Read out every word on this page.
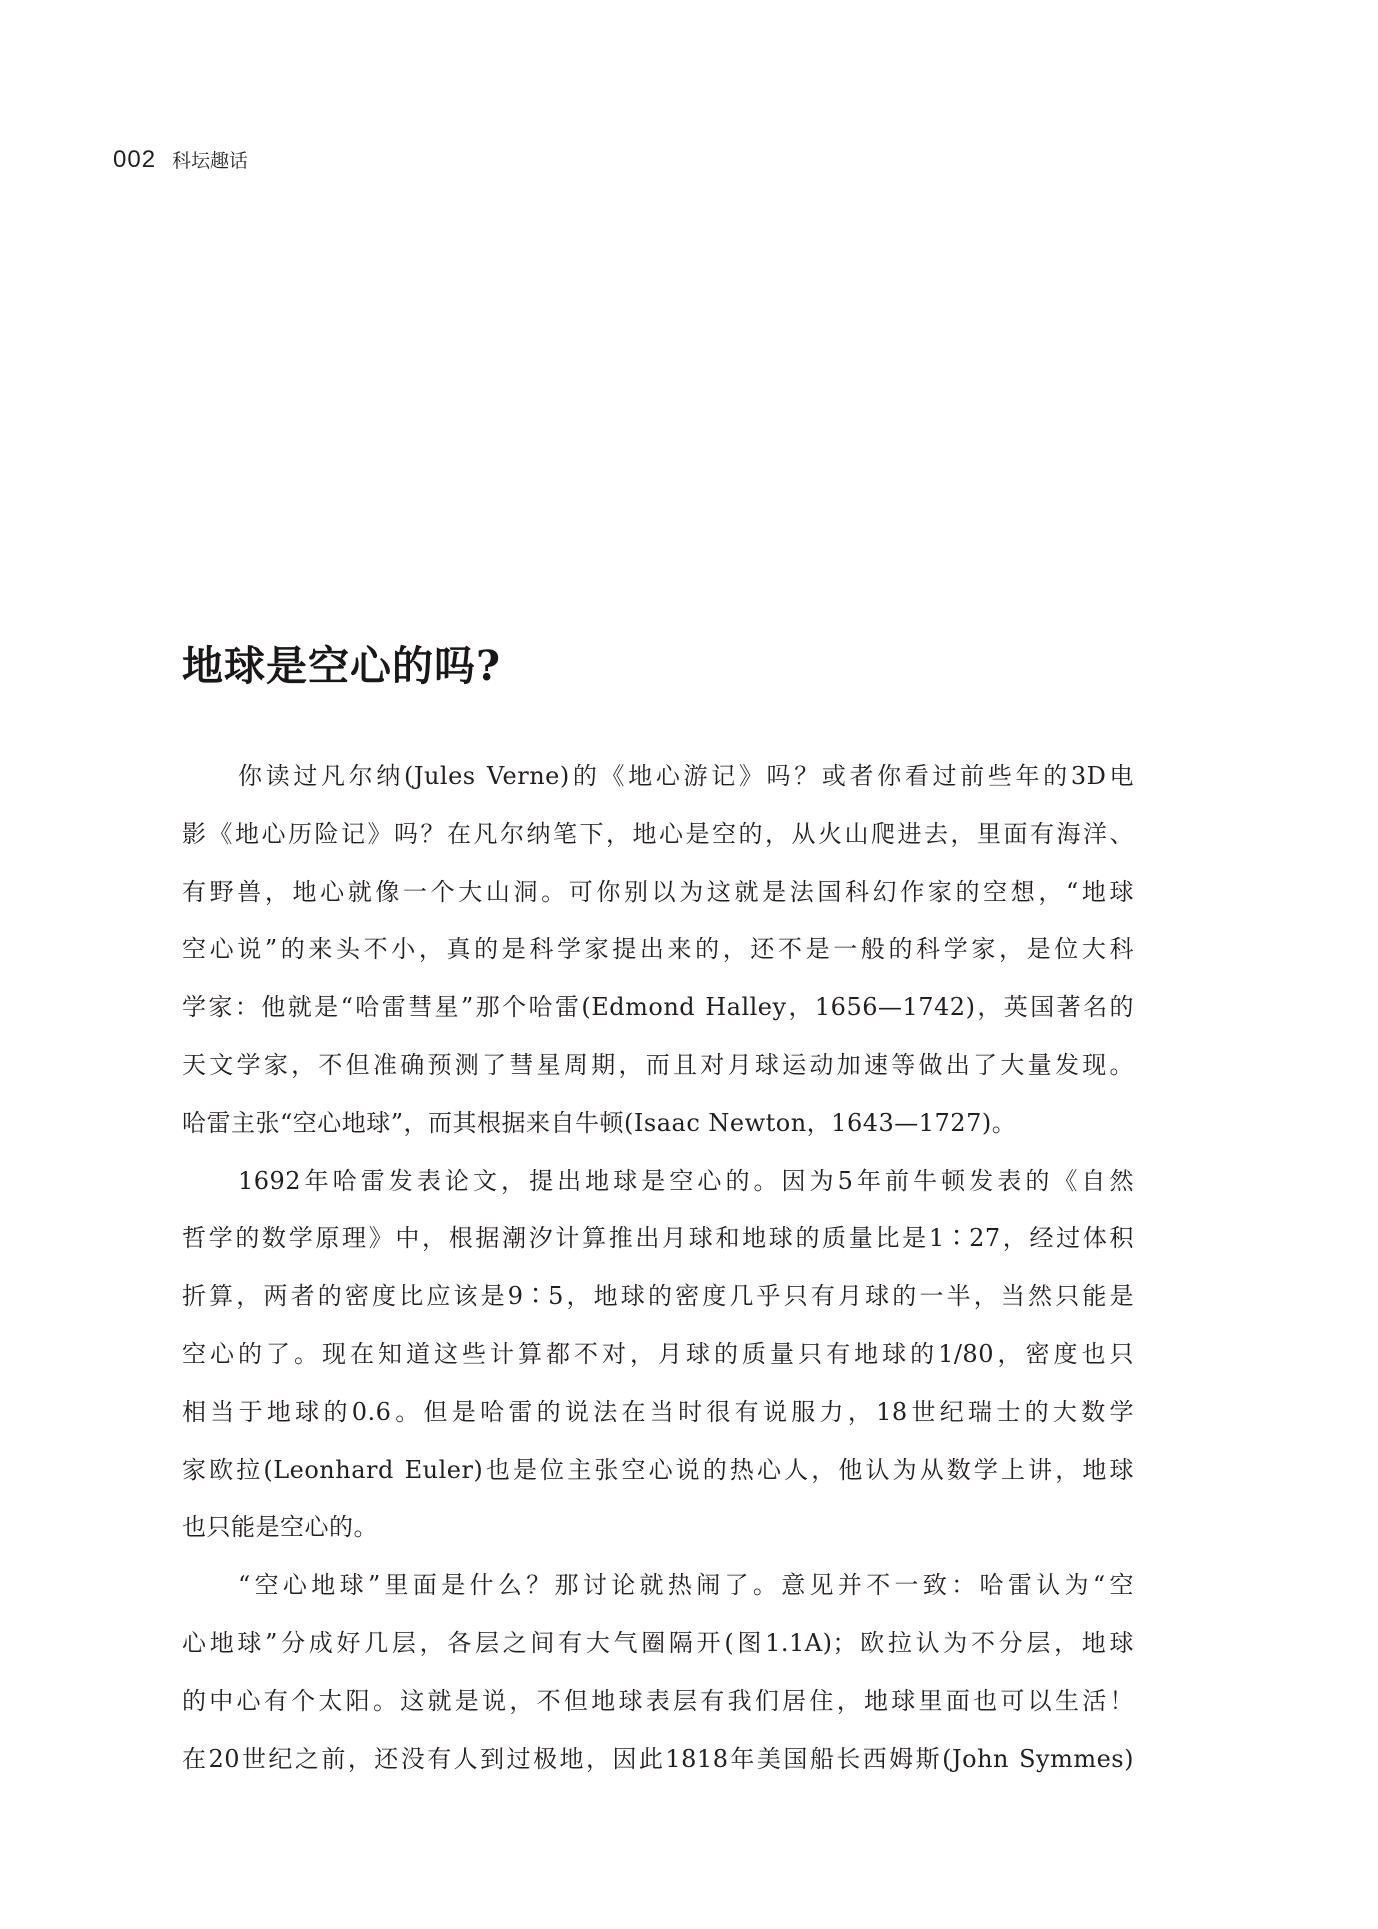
002 科坛趣话
地球是空心的吗?
你读过凡尔纳(Jules Verne)的《地心游记》吗？或者你看过前些年的3D电
影《地心历险记》吗？在凡尔纳笔下，地心是空的，从火山爬进去，里面有海洋、
有野兽，地心就像一个大山洞。可你别以为这就是法国科幻作家的空想，“地球
空心说”的来头不小，真的是科学家提出来的，还不是一般的科学家，是位大科
学家：他就是“哈雷彗星”那个哈雷(Edmond Halley，1656—1742)，英国著名的
天文学家，不但准确预测了彗星周期，而且对月球运动加速等做出了大量发现。
哈雷主张“空心地球”，而其根据来自牛顿(Isaac Newton，1643—1727)。
1692年哈雷发表论文，提出地球是空心的。因为5年前牛顿发表的《自然
哲学的数学原理》中，根据潮汐计算推出月球和地球的质量比是1∶27，经过体积
折算，两者的密度比应该是9∶5，地球的密度几乎只有月球的一半，当然只能是
空心的了。现在知道这些计算都不对，月球的质量只有地球的1/80，密度也只
相当于地球的0.6。但是哈雷的说法在当时很有说服力，18世纪瑞士的大数学
家欧拉(Leonhard Euler)也是位主张空心说的热心人，他认为从数学上讲，地球
也只能是空心的。
“空心地球”里面是什么？那讨论就热闹了。意见并不一致：哈雷认为“空
心地球”分成好几层，各层之间有大气圈隔开(图1.1A)；欧拉认为不分层，地球
的中心有个太阳。这就是说，不但地球表层有我们居住，地球里面也可以生活！
在20世纪之前，还没有人到过极地，因此1818年美国船长西姆斯(John Symmes)
